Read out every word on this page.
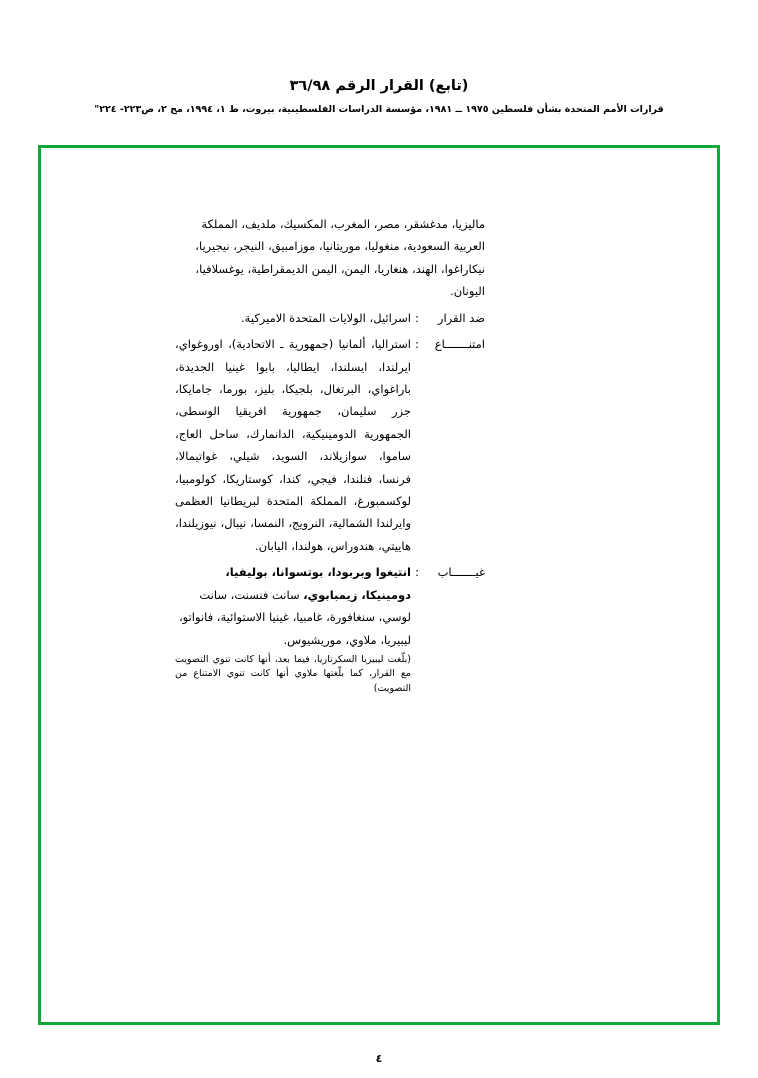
(تابع) القرار الرقم ٣٦/٩٨
قرارات الأمم المتحدة بشأن فلسطين ١٩٧٥ ــ ١٩٨١، مؤسسة الدراسات الفلسطينية، بيروت، ط ١، ١٩٩٤، مج ٢، ص٢٢٣- ٢٢٤"
ماليزيا، مدغشقر، مصر، المغرب، المكسيك، ملديف، المملكة العربية السعودية، منغوليا، موريتانيا، موزامبيق، النيجر، نيجيريا، نيكاراغوا، الهند، هنغاريا، اليمن، اليمن الديمقراطية، يوغسلافيا، اليونان.
ضد القرار
:
اسرائيل، الولايات المتحدة الاميركية.
امتنـــــــاع
:
استراليا، ألمانيا (جمهورية ـ الاتحادية)، اوروغواي، ايرلندا، ايسلندا، ايطاليا، بابوا غينيا الجديدة، باراغواي، البرتغال، بلجيكا، بليز، بورما، جامايكا، جزر سليمان، جمهورية افريقيا الوسطى، الجمهورية الدومينيكية، الدانمارك، ساحل العاج، ساموا، سوازيلاند، السويد، شيلي، غواتيمالا، فرنسا، فنلندا، فيجي، كندا، كوستاريكا، كولومبيا، لوكسمبورغ، المملكة المتحدة لبريطانيا العظمى وايرلندا الشمالية، النرويج، النمسا، نيبال، نيوزيلندا، هاييتي، هندوراس، هولندا، اليابان.
غيـــــــاب
:
انتيغوا وبربودا، بوتسوانا، بوليفيا، دومينيكا، زيمبابوي، سانت فنسنت، سانت لوسي، سنغافورة، غامبيا، غينيا الاستوائية، فانواتو، ليبيريا، ملاوي، موريشيوس.
(بلّغت ليبيريا السكرتاريا، فيما بعد، أنها كانت تنوي التصويت مع القرار، كما بلّغتها ملاوي أنها كانت تنوي الامتناع من التصويت)
٤
